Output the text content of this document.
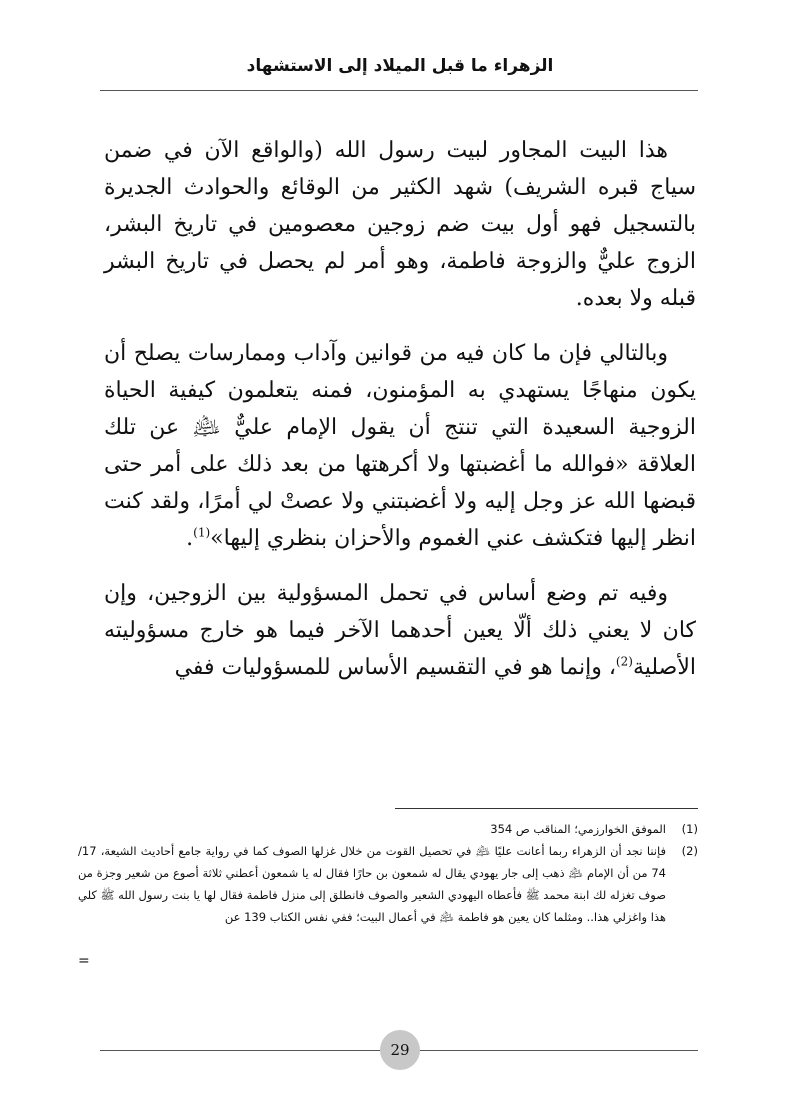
الزهراء ما قبل الميلاد إلى الاستشهاد

هذا البيت المجاور لبيت رسول الله (والواقع الآن في ضمن سياج قبره الشريف) شهد الكثير من الوقائع والحوادث الجديرة بالتسجيل فهو أول بيت ضم زوجين معصومين في تاريخ البشر، الزوج عليٌّ والزوجة فاطمة، وهو أمر لم يحصل في تاريخ البشر قبله ولا بعده.

وبالتالي فإن ما كان فيه من قوانين وآداب وممارسات يصلح أن يكون منهاجًا يستهدي به المؤمنون، فمنه يتعلمون كيفية الحياة الزوجية السعيدة التي تنتج أن يقول الإمام عليٌّ ﵇ عن تلك العلاقة «فوالله ما أغضبتها ولا أكرهتها من بعد ذلك على أمر حتى قبضها الله عز وجل إليه ولا أغضبتني ولا عصتْ لي أمرًا، ولقد كنت انظر إليها فتكشف عني الغموم والأحزان بنظري إليها»$^{(1)}$.

وفيه تم وضع أساس في تحمل المسؤولية بين الزوجين، وإن كان لا يعني ذلك ألّا يعين أحدهما الآخر فيما هو خارج مسؤوليته الأصلية$^{(2)}$، وإنما هو في التقسيم الأساس للمسؤوليات ففي

(1)
الموفق الخوارزمي؛ المناقب ص 354
(2)
فإننا نجد أن الزهراء ربما أعانت عليًا ﵇ في تحصيل القوت من خلال غزلها الصوف كما في رواية جامع أحاديث الشيعة، 17/ 74 من أن الإمام ﵇ ذهب إلى جار يهودي يقال له شمعون بن حارًا فقال له يا شمعون أعطني ثلاثة أصوع من شعير وجزة من صوف تغزله لك ابنة محمد ﷺ فأعطاه اليهودي الشعير والصوف فانطلق إلى منزل فاطمة فقال لها يا بنت رسول الله ﷺ كلي هذا واغزلي هذا.. ومثلما كان يعين هو فاطمة ﵇ في أعمال البيت؛ ففي نفس الكتاب 139 عن
=
29
